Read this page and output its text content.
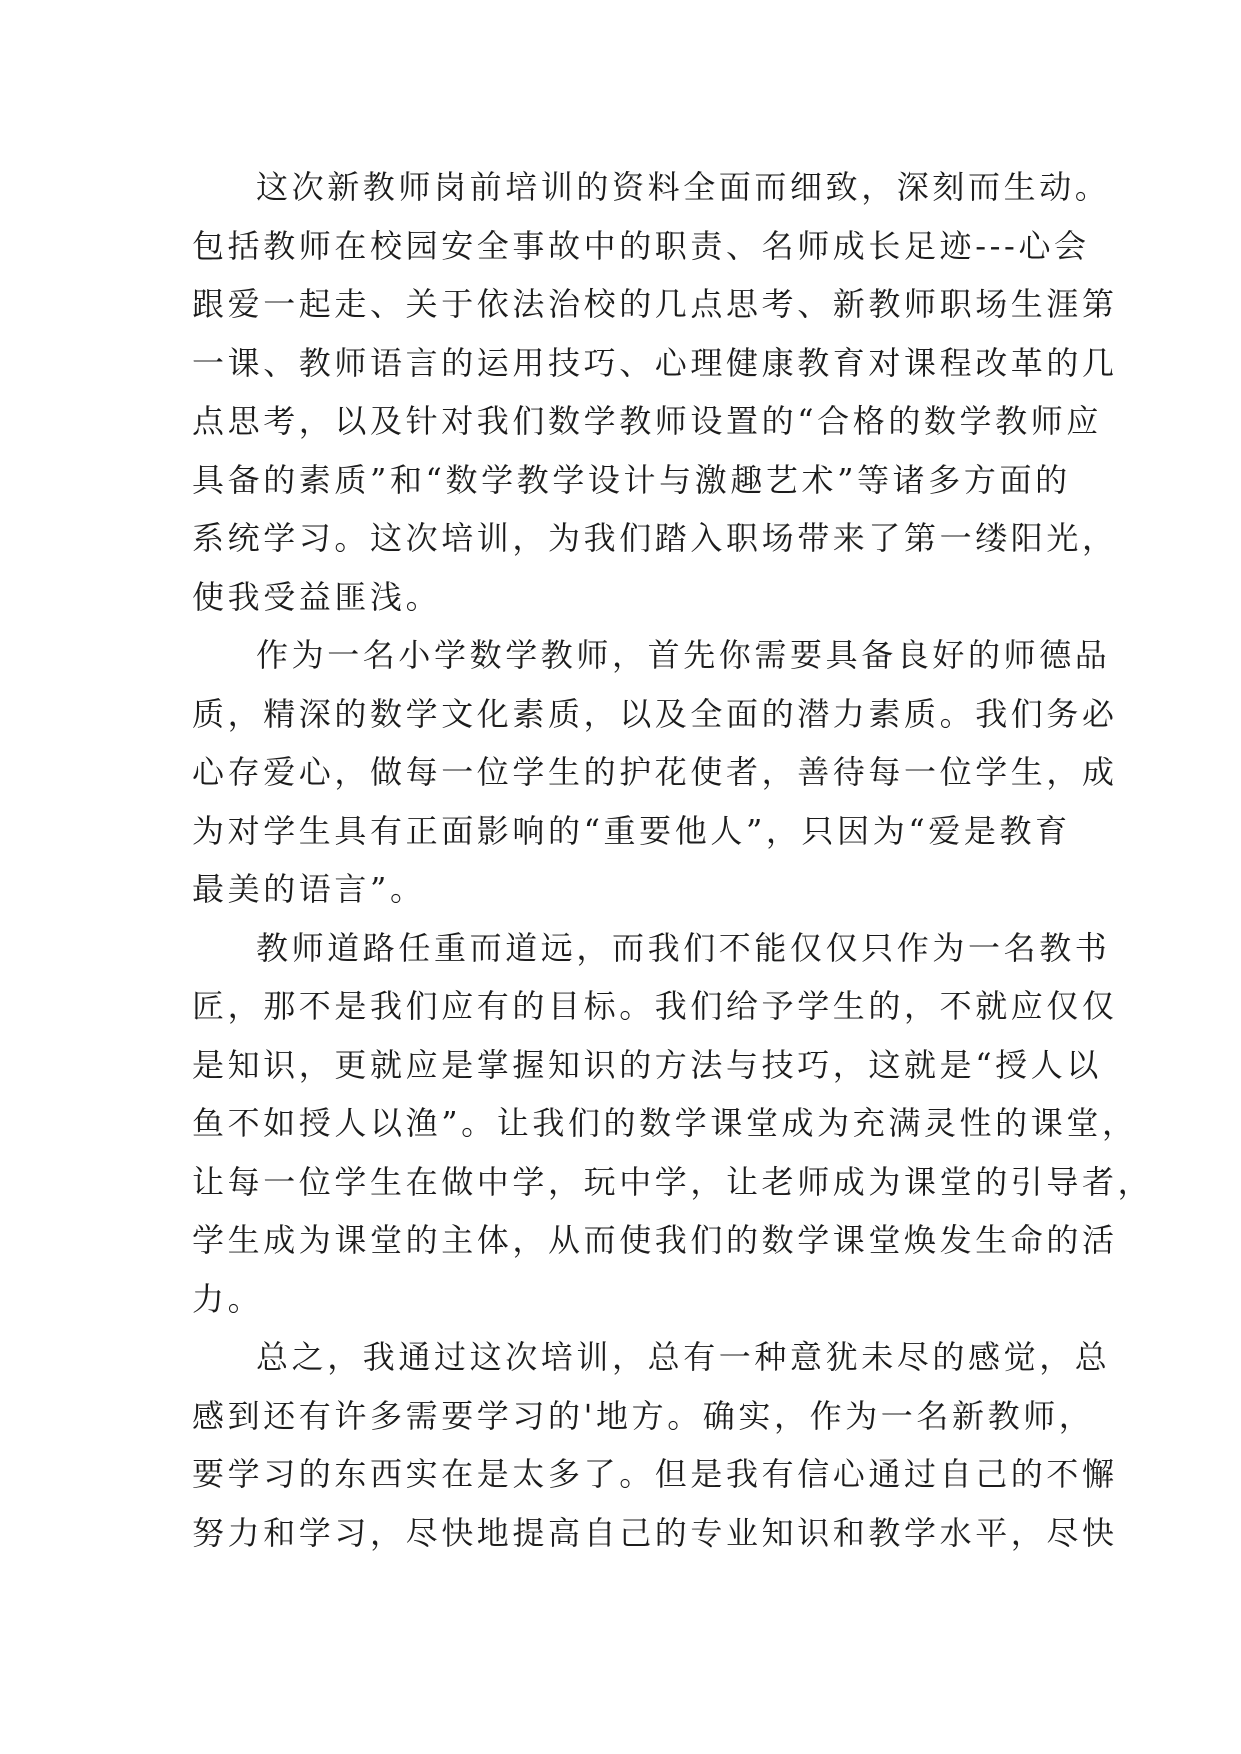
这次新教师岗前培训的资料全面而细致，深刻而生动。
包括教师在校园安全事故中的职责、名师成长足迹---心会
跟爱一起走、关于依法治校的几点思考、新教师职场生涯第
一课、教师语言的运用技巧、心理健康教育对课程改革的几
点思考，以及针对我们数学教师设置的“合格的数学教师应
具备的素质”和“数学教学设计与激趣艺术”等诸多方面的
系统学习。这次培训，为我们踏入职场带来了第一缕阳光，
使我受益匪浅。
作为一名小学数学教师，首先你需要具备良好的师德品
质，精深的数学文化素质，以及全面的潜力素质。我们务必
心存爱心，做每一位学生的护花使者，善待每一位学生，成
为对学生具有正面影响的“重要他人”，只因为“爱是教育
最美的语言”。
教师道路任重而道远，而我们不能仅仅只作为一名教书
匠，那不是我们应有的目标。我们给予学生的，不就应仅仅
是知识，更就应是掌握知识的方法与技巧，这就是“授人以
鱼不如授人以渔”。让我们的数学课堂成为充满灵性的课堂，
让每一位学生在做中学，玩中学，让老师成为课堂的引导者，
学生成为课堂的主体，从而使我们的数学课堂焕发生命的活
力。
总之，我通过这次培训，总有一种意犹未尽的感觉，总
感到还有许多需要学习的'地方。确实，作为一名新教师，
要学习的东西实在是太多了。但是我有信心通过自己的不懈
努力和学习，尽快地提高自己的专业知识和教学水平，尽快
